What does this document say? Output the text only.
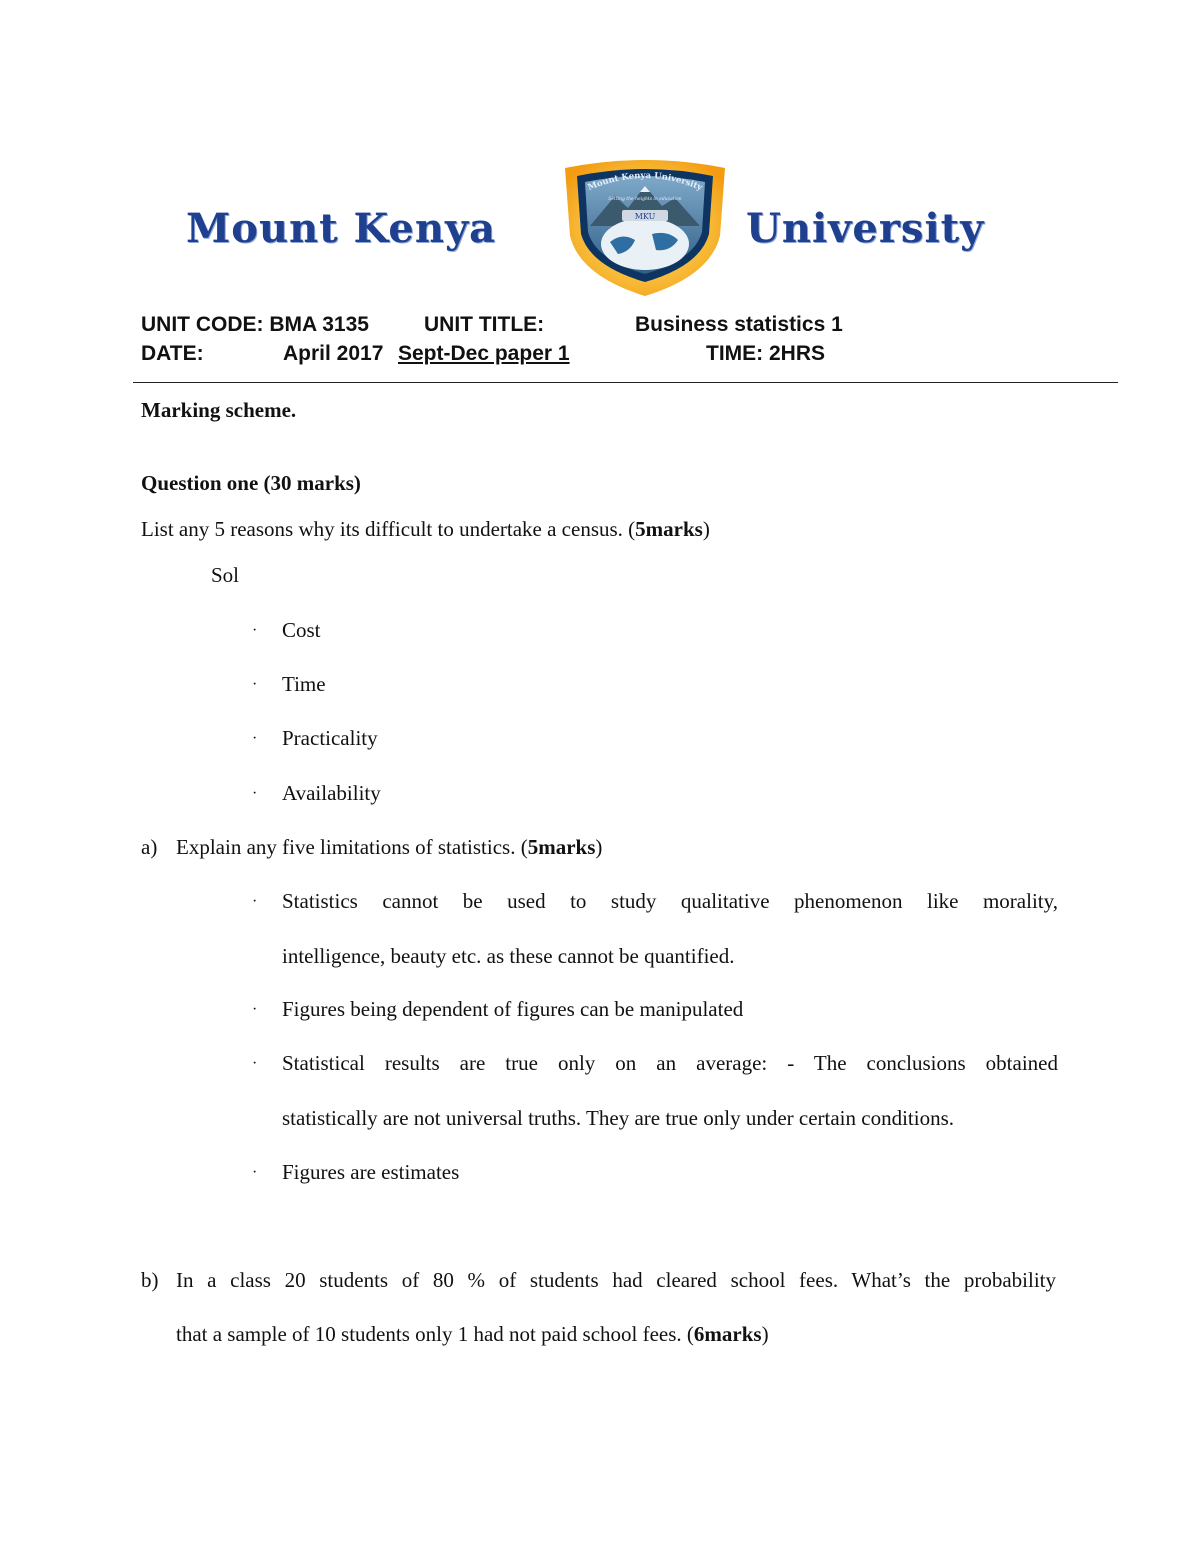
Mount Kenya	MKU
Mount Kenya University
Setting the heights in education
University
UNIT CODE: BMA 3135	UNIT TITLE:	Business statistics 1
DATE:	April 2017 Sept-Dec paper 1	TIME: 2HRS
Marking scheme.
Question one (30 marks)
List any 5 reasons why its difficult to undertake a census. (5marks)
Sol
· Cost
· Time
· Practicality
· Availability
a) Explain any five limitations of statistics. (5marks)
· Statistics cannot be used to study qualitative phenomenon like morality,
intelligence, beauty etc. as these cannot be quantified.
· Figures being dependent of figures can be manipulated
· Statistical results are true only on an average: - The conclusions obtained
statistically are not universal truths. They are true only under certain conditions.
· Figures are estimates
b) In a class 20 students of 80 % of students had cleared school fees. What’s the probability
that a sample of 10 students only 1 had not paid school fees. (6marks)
